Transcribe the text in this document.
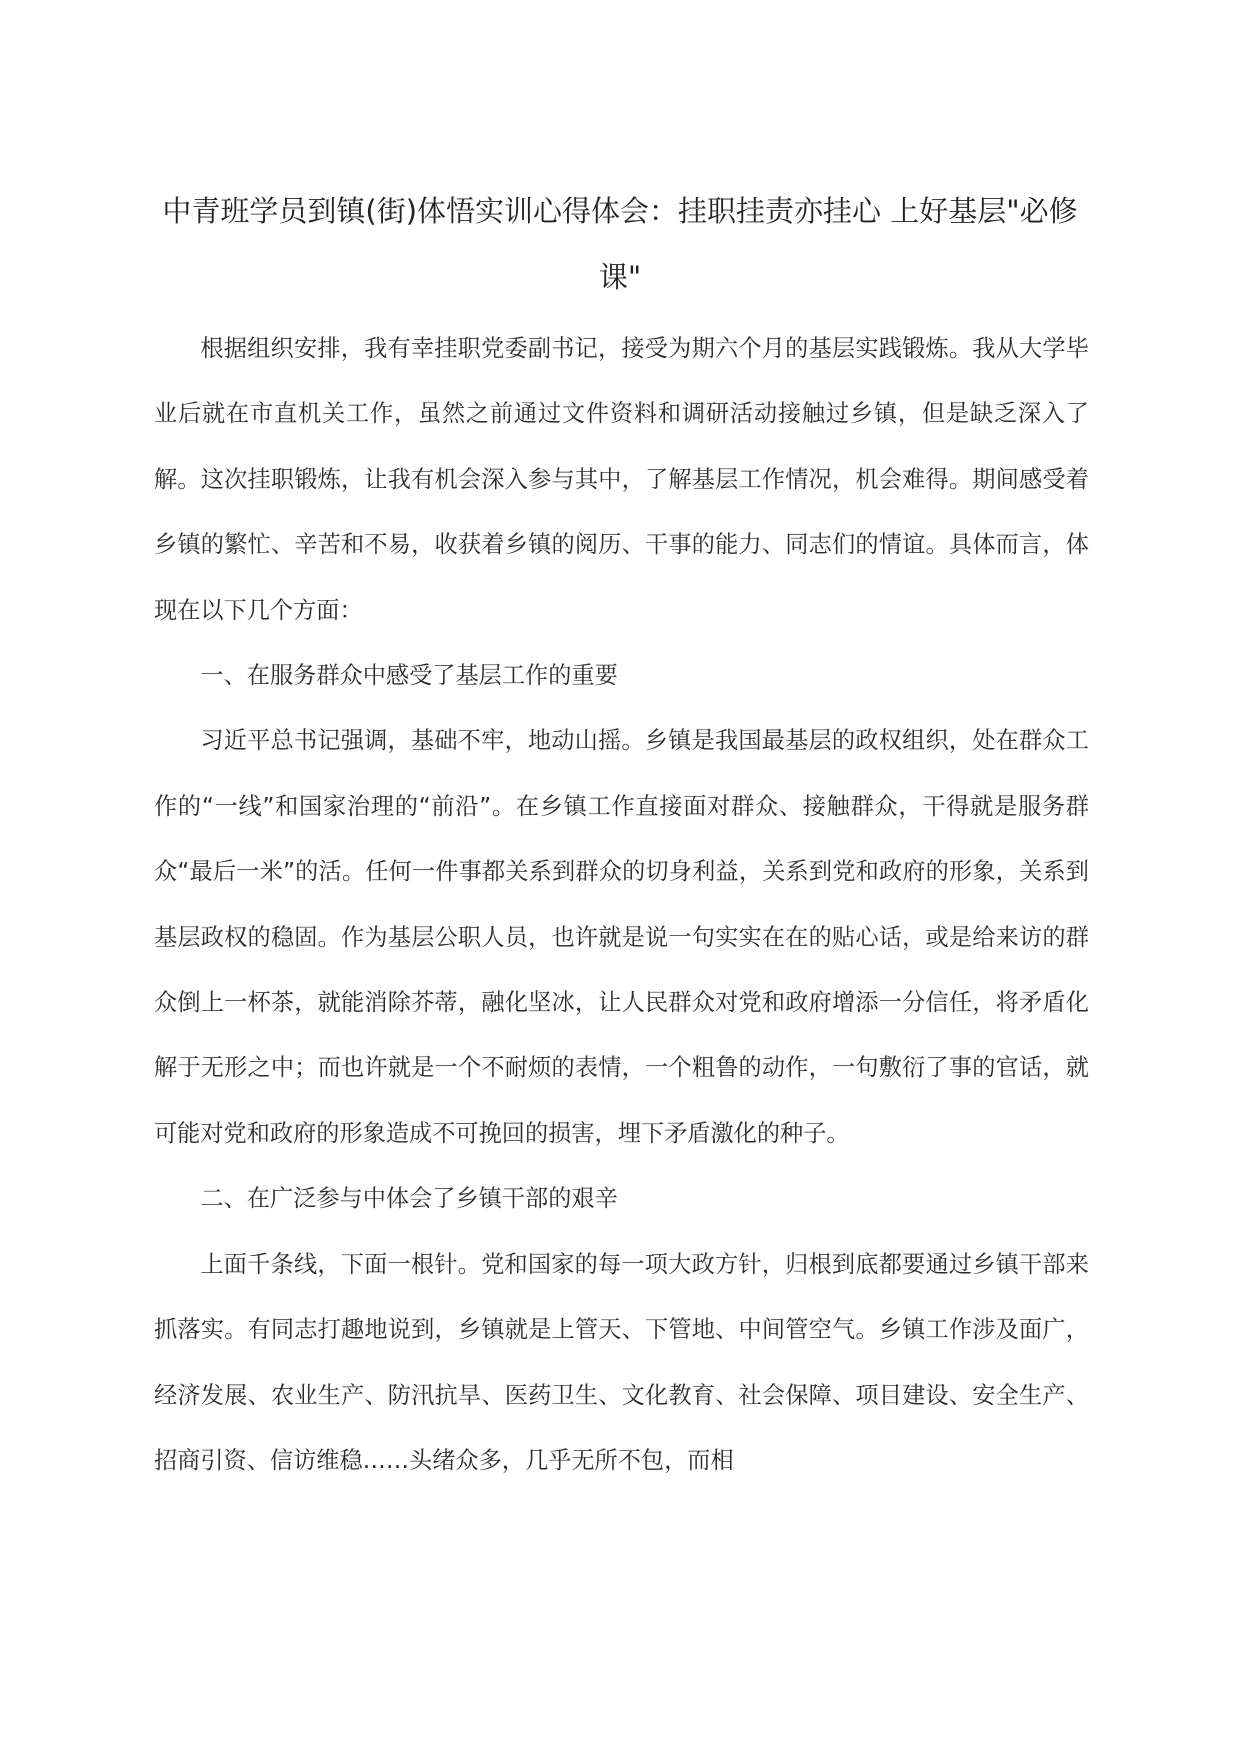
中青班学员到镇(街)体悟实训心得体会：挂职挂责亦挂心 上好基层"必修课"

根据组织安排，我有幸挂职党委副书记，接受为期六个月的基层实践锻炼。我从大学毕业后就在市直机关工作，虽然之前通过文件资料和调研活动接触过乡镇，但是缺乏深入了解。这次挂职锻炼，让我有机会深入参与其中，了解基层工作情况，机会难得。期间感受着乡镇的繁忙、辛苦和不易，收获着乡镇的阅历、干事的能力、同志们的情谊。具体而言，体现在以下几个方面：

一、在服务群众中感受了基层工作的重要

习近平总书记强调，基础不牢，地动山摇。乡镇是我国最基层的政权组织，处在群众工作的“一线”和国家治理的“前沿”。在乡镇工作直接面对群众、接触群众，干得就是服务群众“最后一米”的活。任何一件事都关系到群众的切身利益，关系到党和政府的形象，关系到基层政权的稳固。作为基层公职人员，也许就是说一句实实在在的贴心话，或是给来访的群众倒上一杯茶，就能消除芥蒂，融化坚冰，让人民群众对党和政府增添一分信任，将矛盾化解于无形之中；而也许就是一个不耐烦的表情，一个粗鲁的动作，一句敷衍了事的官话，就可能对党和政府的形象造成不可挽回的损害，埋下矛盾激化的种子。

二、在广泛参与中体会了乡镇干部的艰辛

上面千条线，下面一根针。党和国家的每一项大政方针，归根到底都要通过乡镇干部来抓落实。有同志打趣地说到，乡镇就是上管天、下管地、中间管空气。乡镇工作涉及面广，经济发展、农业生产、防汛抗旱、医药卫生、文化教育、社会保障、项目建设、安全生产、招商引资、信访维稳……头绪众多，几乎无所不包，而相
